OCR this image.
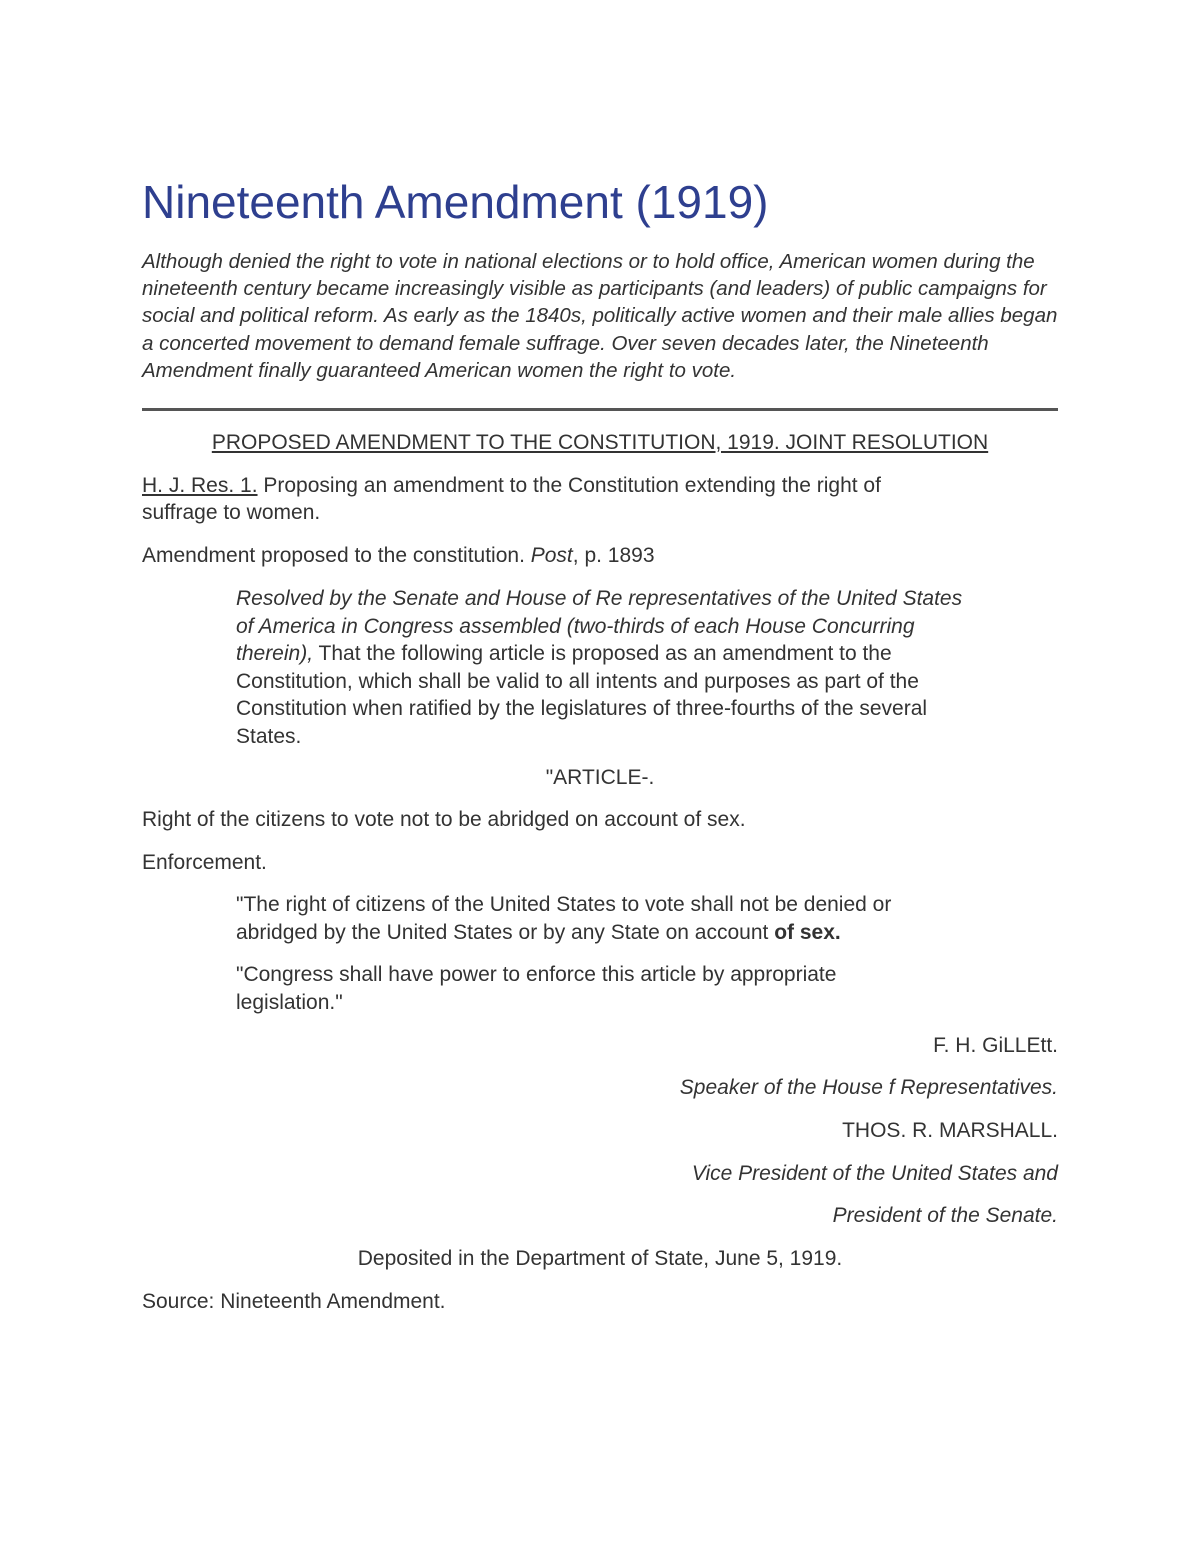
Nineteenth Amendment (1919)

Although denied the right to vote in national elections or to hold office, American women during the nineteenth century became increasingly visible as participants (and leaders) of public campaigns for social and political reform. As early as the 1840s, politically active women and their male allies began a concerted movement to demand female suffrage. Over seven decades later, the Nineteenth Amendment finally guaranteed American women the right to vote.

PROPOSED AMENDMENT TO THE CONSTITUTION, 1919. JOINT RESOLUTION

H. J. Res. 1. Proposing an amendment to the Constitution extending the right of

suffrage to women.

Amendment proposed to the constitution. Post, p. 1893

Resolved by the Senate and House of Re representatives of the United States of America in Congress assembled (two-thirds of each House Concurring therein), That the following article is proposed as an amendment to the Constitution, which shall be valid to all intents and purposes as part of the Constitution when ratified by the legislatures of three-fourths of the several States.

"ARTICLE-.

Right of the citizens to vote not to be abridged on account of sex.

Enforcement.

"The right of citizens of the United States to vote shall not be denied or abridged by the United States or by any State on account of sex.

"Congress shall have power to enforce this article by appropriate legislation."

F. H. GiLLEtt.

Speaker of the House f Representatives.

THOS. R. MARSHALL.

Vice President of the United States and

President of the Senate.

Deposited in the Department of State, June 5, 1919.

Source: Nineteenth Amendment.
